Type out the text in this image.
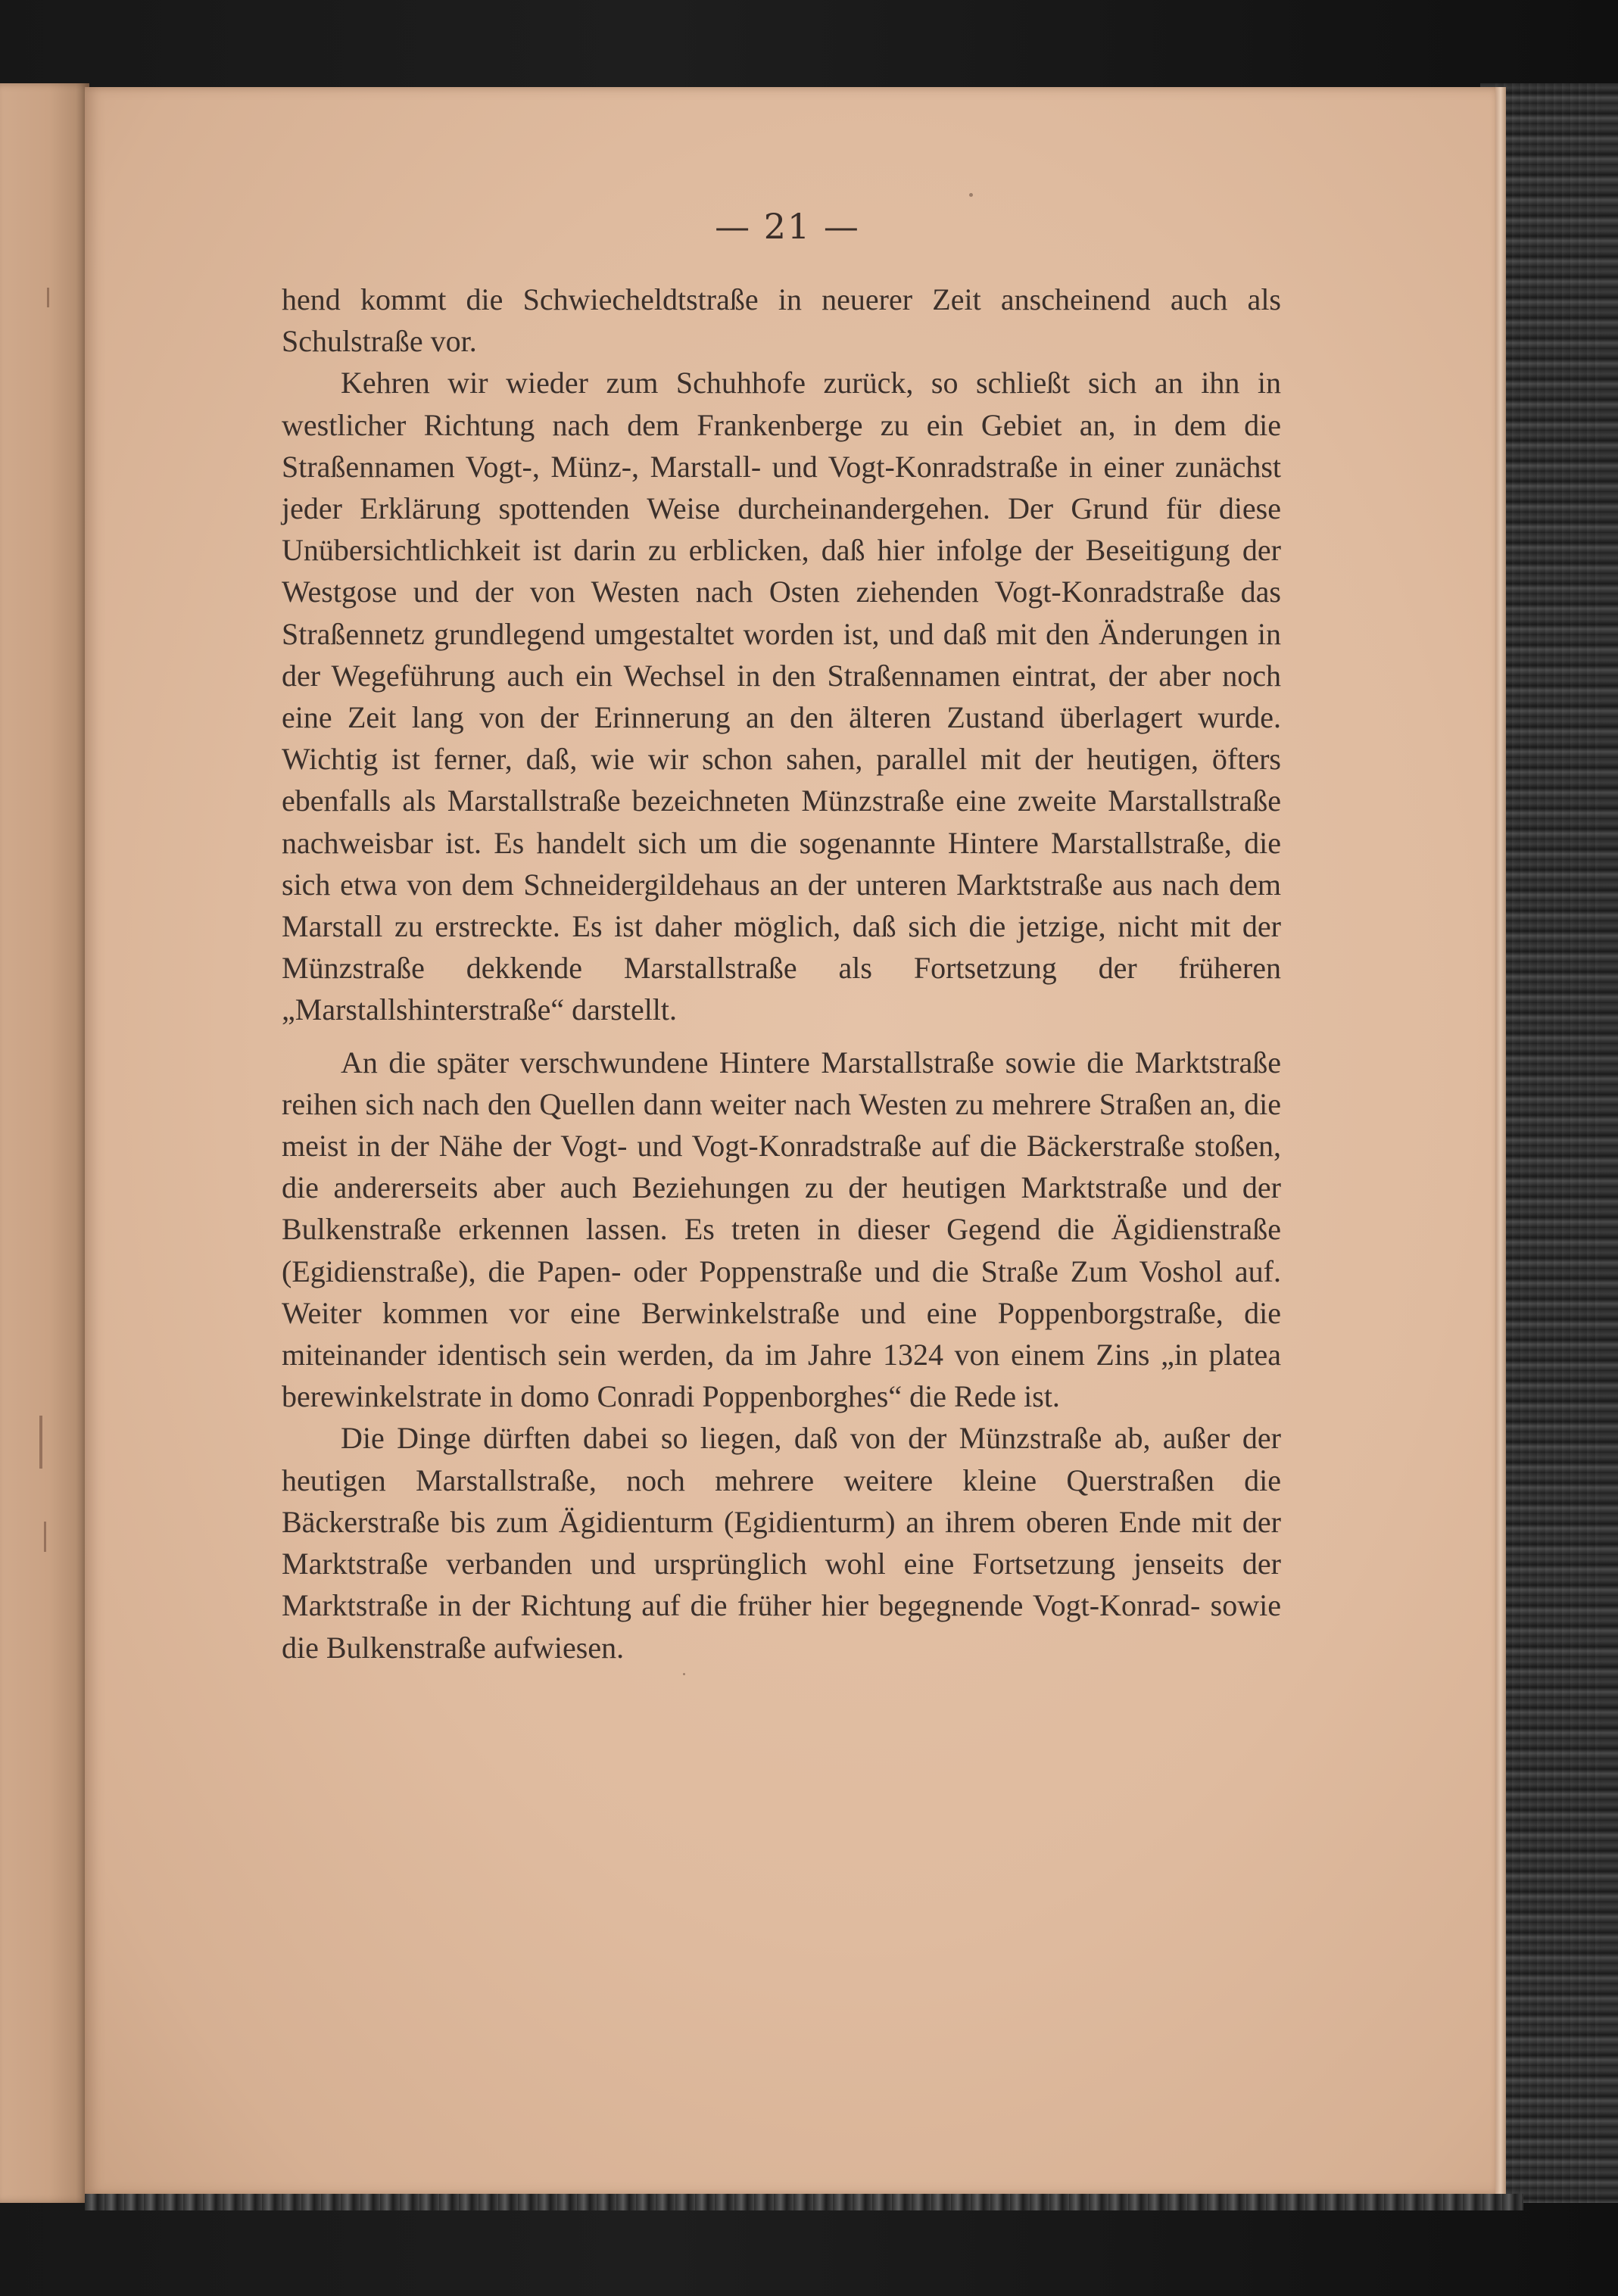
— 21 —

hend kommt die Schwiecheldtstraße in neuerer Zeit anscheinend auch als Schulstraße vor.

Kehren wir wieder zum Schuhhofe zurück, so schließt sich an ihn in westlicher Richtung nach dem Frankenberge zu ein Gebiet an, in dem die Straßennamen Vogt-, Münz-, Marstall- und Vogt-Konradstraße in einer zunächst jeder Erklärung spottenden Weise durcheinandergehen. Der Grund für diese Unübersichtlichkeit ist darin zu erblicken, daß hier infolge der Beseitigung der Westgose und der von Westen nach Osten ziehenden Vogt-Konradstraße das Straßennetz grundlegend umgestaltet worden ist, und daß mit den Änderungen in der Wegeführung auch ein Wechsel in den Straßennamen eintrat, der aber noch eine Zeit lang von der Erinnerung an den älteren Zustand überlagert wurde. Wichtig ist ferner, daß, wie wir schon sahen, parallel mit der heutigen, öfters ebenfalls als Marstallstraße bezeichneten Münzstraße eine zweite Marstallstraße nachweisbar ist. Es handelt sich um die sogenannte Hintere Marstallstraße, die sich etwa von dem Schneidergildehaus an der unteren Marktstraße aus nach dem Marstall zu erstreckte. Es ist daher möglich, daß sich die jetzige, nicht mit der Münzstraße dekkende Marstallstraße als Fortsetzung der früheren „Marstallshinterstraße“ darstellt.

An die später verschwundene Hintere Marstallstraße sowie die Marktstraße reihen sich nach den Quellen dann weiter nach Westen zu mehrere Straßen an, die meist in der Nähe der Vogt- und Vogt-Konradstraße auf die Bäckerstraße stoßen, die andererseits aber auch Beziehungen zu der heutigen Marktstraße und der Bulkenstraße erkennen lassen. Es treten in dieser Gegend die Ägidienstraße (Egidienstraße), die Papen- oder Poppenstraße und die Straße Zum Voshol auf. Weiter kommen vor eine Berwinkelstraße und eine Poppenborgstraße, die miteinander identisch sein werden, da im Jahre 1324 von einem Zins „in platea berewinkelstrate in domo Conradi Poppenborghes“ die Rede ist.

Die Dinge dürften dabei so liegen, daß von der Münzstraße ab, außer der heutigen Marstallstraße, noch mehrere weitere kleine Querstraßen die Bäckerstraße bis zum Ägidienturm (Egidienturm) an ihrem oberen Ende mit der Marktstraße verbanden und ursprünglich wohl eine Fortsetzung jenseits der Marktstraße in der Richtung auf die früher hier begegnende Vogt-Konrad- sowie die Bulkenstraße aufwiesen.
